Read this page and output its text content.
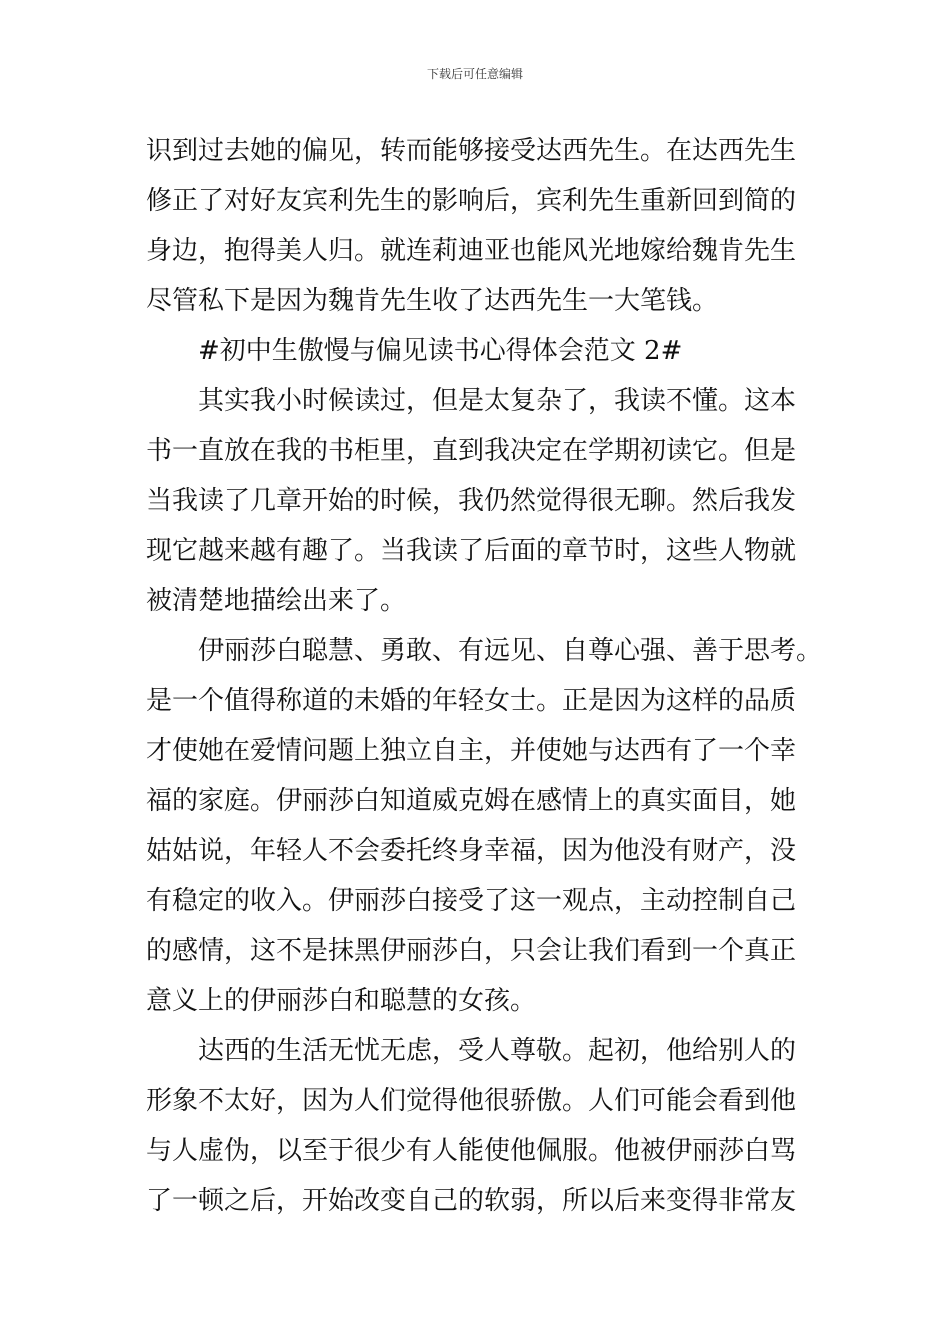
下载后可任意编辑
识到过去她的偏见，转而能够接受达西先生。在达西先生
修正了对好友宾利先生的影响后，宾利先生重新回到简的
身边，抱得美人归。就连莉迪亚也能风光地嫁给魏肯先生
尽管私下是因为魏肯先生收了达西先生一大笔钱。
#初中生傲慢与偏见读书心得体会范文 2#
其实我小时候读过，但是太复杂了，我读不懂。这本
书一直放在我的书柜里，直到我决定在学期初读它。但是
当我读了几章开始的时候，我仍然觉得很无聊。然后我发
现它越来越有趣了。当我读了后面的章节时，这些人物就
被清楚地描绘出来了。
伊丽莎白聪慧、勇敢、有远见、自尊心强、善于思考。
是一个值得称道的未婚的年轻女士。正是因为这样的品质
才使她在爱情问题上独立自主，并使她与达西有了一个幸
福的家庭。伊丽莎白知道威克姆在感情上的真实面目，她
姑姑说，年轻人不会委托终身幸福，因为他没有财产，没
有稳定的收入。伊丽莎白接受了这一观点，主动控制自己
的感情，这不是抹黑伊丽莎白，只会让我们看到一个真正
意义上的伊丽莎白和聪慧的女孩。
达西的生活无忧无虑，受人尊敬。起初，他给别人的
形象不太好，因为人们觉得他很骄傲。人们可能会看到他
与人虚伪，以至于很少有人能使他佩服。他被伊丽莎白骂
了一顿之后，开始改变自己的软弱，所以后来变得非常友
